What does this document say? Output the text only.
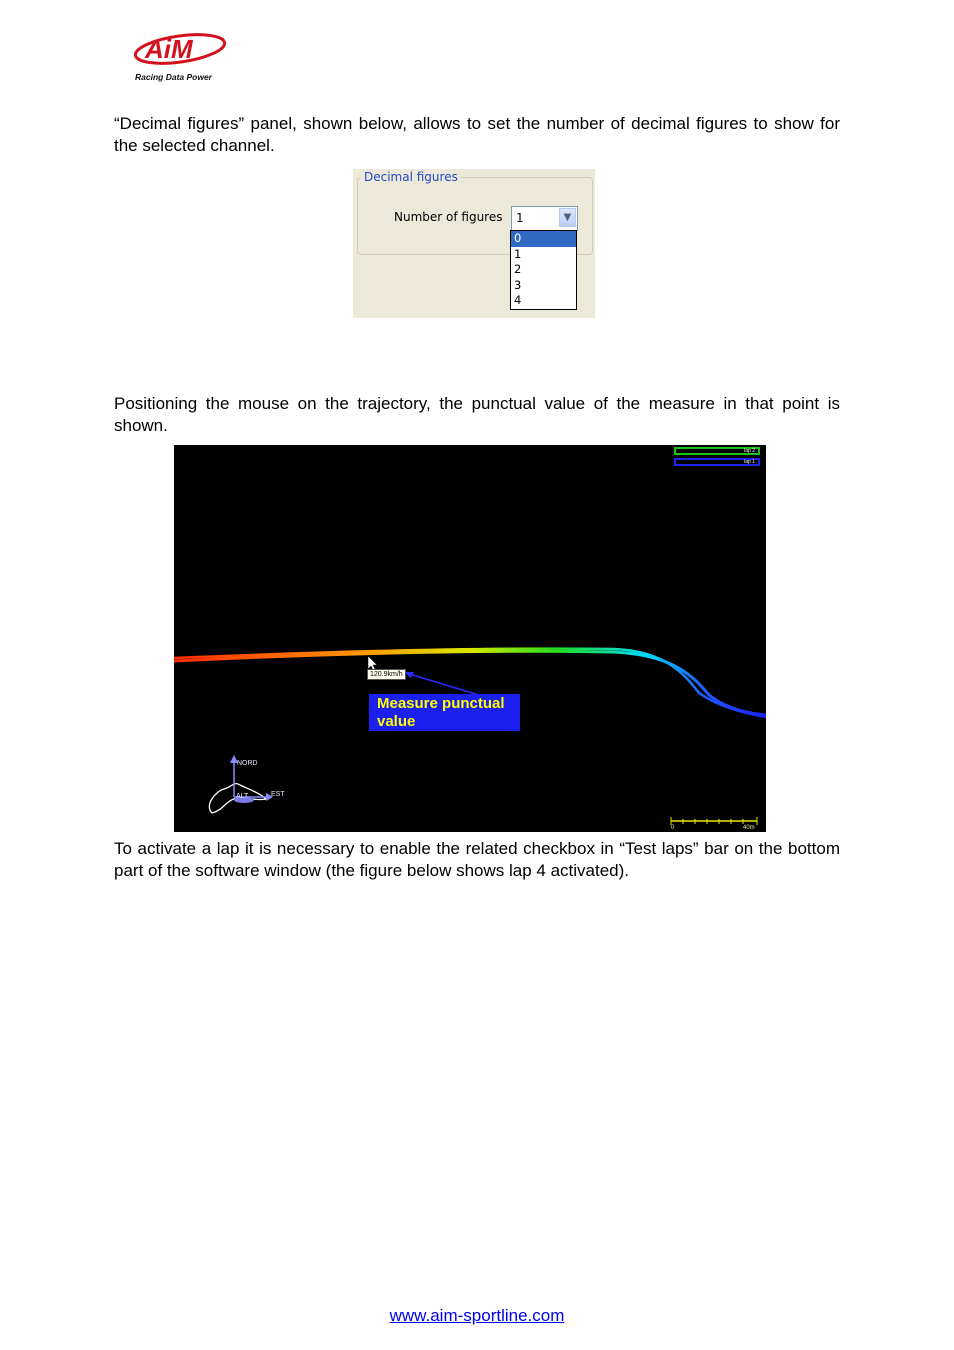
AiM
Racing Data Power

“Decimal figures” panel, shown below, allows to set the number of decimal figures to show for the selected channel.

Decimal figures
Number of figures 1	▼
0
1
2
3
4

Positioning the mouse on the trajectory, the punctual value of the measure in that point is shown.

lap 2
lap 1
120.9km/h
Measure punctual value
NORD
EST
ALT
0	40m

To activate a lap it is necessary to enable the related checkbox in “Test laps” bar on the bottom part of the software window (the figure below shows lap 4 activated).

www.aim-sportline.com
